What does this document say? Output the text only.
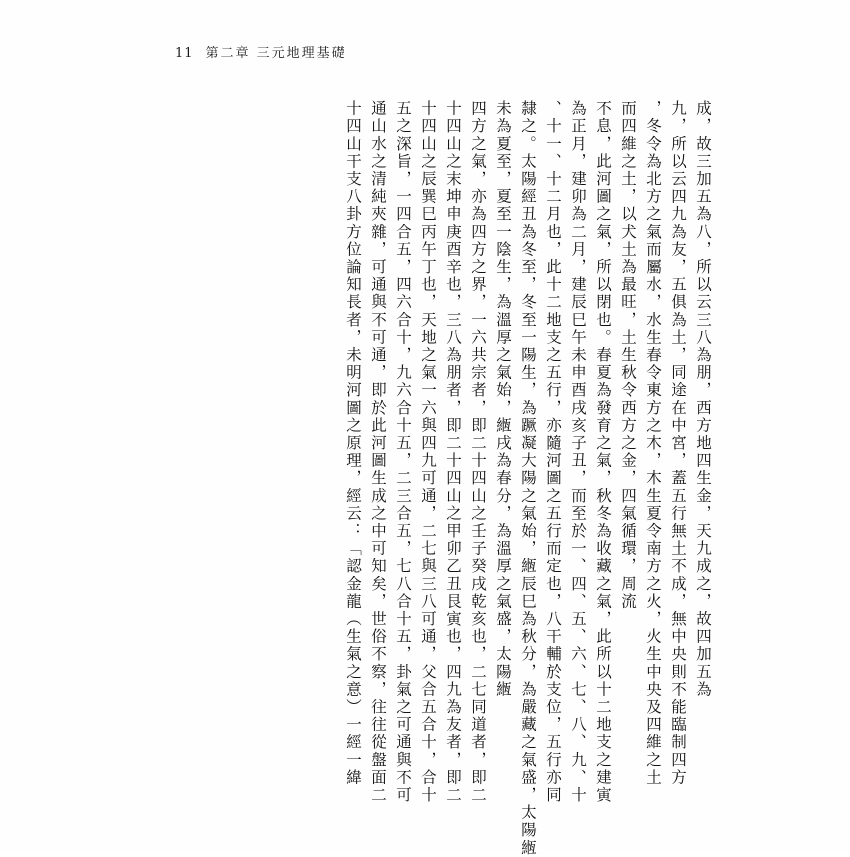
11 第二章 三元地理基礎
成，故三加五為八，所以云三八為朋，西方地四生金，天九成之，故四加五為
九，所以云四九為友，五俱為土，同途在中宮，蓋五行無土不成，無中央則不能臨制四方
，冬令為北方之氣而屬水，水生春令東方之木，木生夏令南方之火，火生中央及四維之土
而四維之土，以犬土為最旺，土生秋令西方之金，四氣循環，周流
不息，此河圖之氣，所以閉也。春夏為發育之氣，秋冬為收藏之氣，此所以十二地支之建寅
為正月，建卯為二月，建辰巳午未申酉戌亥子丑，而至於一、四、五、六、七、八、九、十
、十一、十二月也，此十二地支之五行，亦隨河圖之五行而定也，八干輔於支位，五行亦同
隸之。太陽經丑為冬至，冬至一陽生，為蹶凝大陽之氣始，緪辰巳為秋分，為嚴藏之氣盛，太陽緪
未為夏至，夏至一陰生，為溫厚之氣始，緪戌為春分，為溫厚之氣盛，太陽緪
四方之氣，亦為四方之界，一六共宗者，即二十四山之壬子癸戌乾亥也，二七同道者，即二
十四山之末坤申庚酉辛也，三八為朋者，即二十四山之甲卯乙丑艮寅也，四九為友者，即二
十四山之辰巽巳丙午丁也，天地之氣一六與四九可通，二七與三八可通，父合五合十，合十
五之深旨，一四合五，四六合十，九六合十五，二三合五，七八合十五，卦氣之可通與不可
通山水之清純夾雜，可通與不可通，即於此河圖生成之中可知矣，世俗不察，往往從盤面二
十四山干支八卦方位論知長者，未明河圖之原理，經云：「認金龍（生氣之意）一經一緯
